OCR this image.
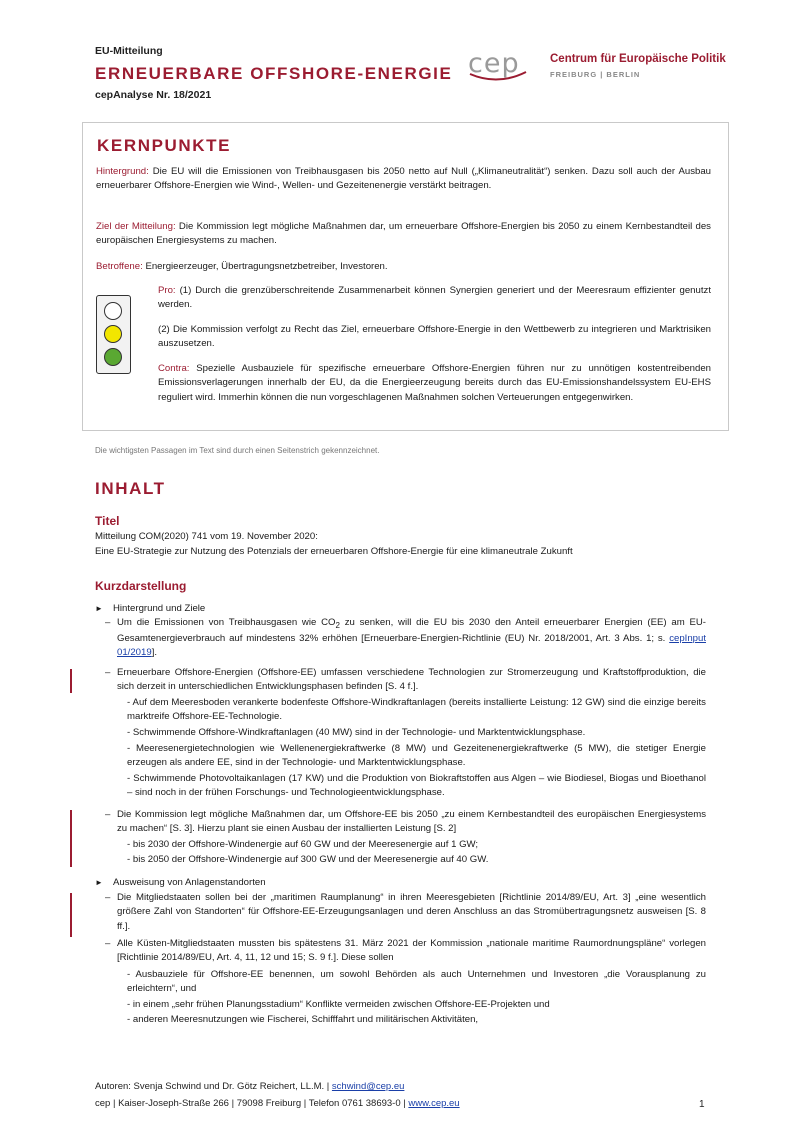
EU-Mitteilung
ERNEUERBARE OFFSHORE-ENERGIE
cepAnalyse Nr. 18/2021
cep	Centrum für Europäische Politik
FREIBURG | BERLIN
KERNPUNKTE
Hintergrund: Die EU will die Emissionen von Treibhausgasen bis 2050 netto auf Null („Klimaneutralität“) senken. Dazu soll auch der Ausbau erneuerbarer Offshore-Energien wie Wind-, Wellen- und Gezeitenenergie verstärkt beitragen.
Ziel der Mitteilung: Die Kommission legt mögliche Maßnahmen dar, um erneuerbare Offshore-Energien bis 2050 zu einem Kernbestandteil des europäischen Energiesystems zu machen.
Betroffene: Energieerzeuger, Übertragungsnetzbetreiber, Investoren.
Pro: (1) Durch die grenzüberschreitende Zusammenarbeit können Synergien generiert und der Meeresraum effizienter genutzt werden.
(2) Die Kommission verfolgt zu Recht das Ziel, erneuerbare Offshore-Energie in den Wettbewerb zu integrieren und Marktrisiken auszusetzen.
Contra: Spezielle Ausbauziele für spezifische erneuerbare Offshore-Energien führen nur zu unnötigen kostentreibenden Emissionsverlagerungen innerhalb der EU, da die Energieerzeugung bereits durch das EU-Emissionshandelssystem EU-EHS reguliert wird. Immerhin können die nun vorgeschlagenen Maßnahmen solchen Verteuerungen entgegenwirken.
Die wichtigsten Passagen im Text sind durch einen Seitenstrich gekennzeichnet.
INHALT
Titel
Mitteilung COM(2020) 741 vom 19. November 2020:
Eine EU-Strategie zur Nutzung des Potenzials der erneuerbaren Offshore-Energie für eine klimaneutrale Zukunft
Kurzdarstellung
► Hintergrund und Ziele
– Um die Emissionen von Treibhausgasen wie $CO_2$ zu senken, will die EU bis 2030 den Anteil erneuerbarer Energien (EE) am EU-Gesamtenergieverbrauch auf mindestens 32% erhöhen [Erneuerbare-Energien-Richtlinie (EU) Nr. 2018/2001, Art. 3 Abs. 1; s. cepInput 01/2019].
– Erneuerbare Offshore-Energien (Offshore-EE) umfassen verschiedene Technologien zur Stromerzeugung und Kraftstoffproduktion, die sich derzeit in unterschiedlichen Entwicklungsphasen befinden [S. 4 f.].
- Auf dem Meeresboden verankerte bodenfeste Offshore-Windkraftanlagen (bereits installierte Leistung: 12 GW) sind die einzige bereits marktreife Offshore-EE-Technologie.
- Schwimmende Offshore-Windkraftanlagen (40 MW) sind in der Technologie- und Marktentwicklungsphase.
- Meeresenergietechnologien wie Wellenenergiekraftwerke (8 MW) und Gezeitenenergiekraftwerke (5 MW), die stetiger Energie erzeugen als andere EE, sind in der Technologie- und Marktentwicklungsphase.
- Schwimmende Photovoltaikanlagen (17 KW) und die Produktion von Biokraftstoffen aus Algen – wie Biodiesel, Biogas und Bioethanol – sind noch in der frühen Forschungs- und Technologieentwicklungsphase.
– Die Kommission legt mögliche Maßnahmen dar, um Offshore-EE bis 2050 „zu einem Kernbestandteil des europäischen Energiesystems zu machen“ [S. 3]. Hierzu plant sie einen Ausbau der installierten Leistung [S. 2]
- bis 2030 der Offshore-Windenergie auf 60 GW und der Meeresenergie auf 1 GW;
- bis 2050 der Offshore-Windenergie auf 300 GW und der Meeresenergie auf 40 GW.
► Ausweisung von Anlagenstandorten
– Die Mitgliedstaaten sollen bei der „maritimen Raumplanung“ in ihren Meeresgebieten [Richtlinie 2014/89/EU, Art. 3] „eine wesentlich größere Zahl von Standorten“ für Offshore-EE-Erzeugungsanlagen und deren Anschluss an das Stromübertragungsnetz ausweisen [S. 8 ff.].
– Alle Küsten-Mitgliedstaaten mussten bis spätestens 31. März 2021 der Kommission „nationale maritime Raumordnungspläne“ vorlegen [Richtlinie 2014/89/EU, Art. 4, 11, 12 und 15; S. 9 f.]. Diese sollen
- Ausbauziele für Offshore-EE benennen, um sowohl Behörden als auch Unternehmen und Investoren „die Vorausplanung zu erleichtern“, und
- in einem „sehr frühen Planungsstadium“ Konflikte vermeiden zwischen Offshore-EE-Projekten und
- anderen Meeresnutzungen wie Fischerei, Schifffahrt und militärischen Aktivitäten,
Autoren: Svenja Schwind und Dr. Götz Reichert, LL.M. | schwind@cep.eu
cep | Kaiser-Joseph-Straße 266 | 79098 Freiburg | Telefon 0761 38693-0 | www.cep.eu	1
